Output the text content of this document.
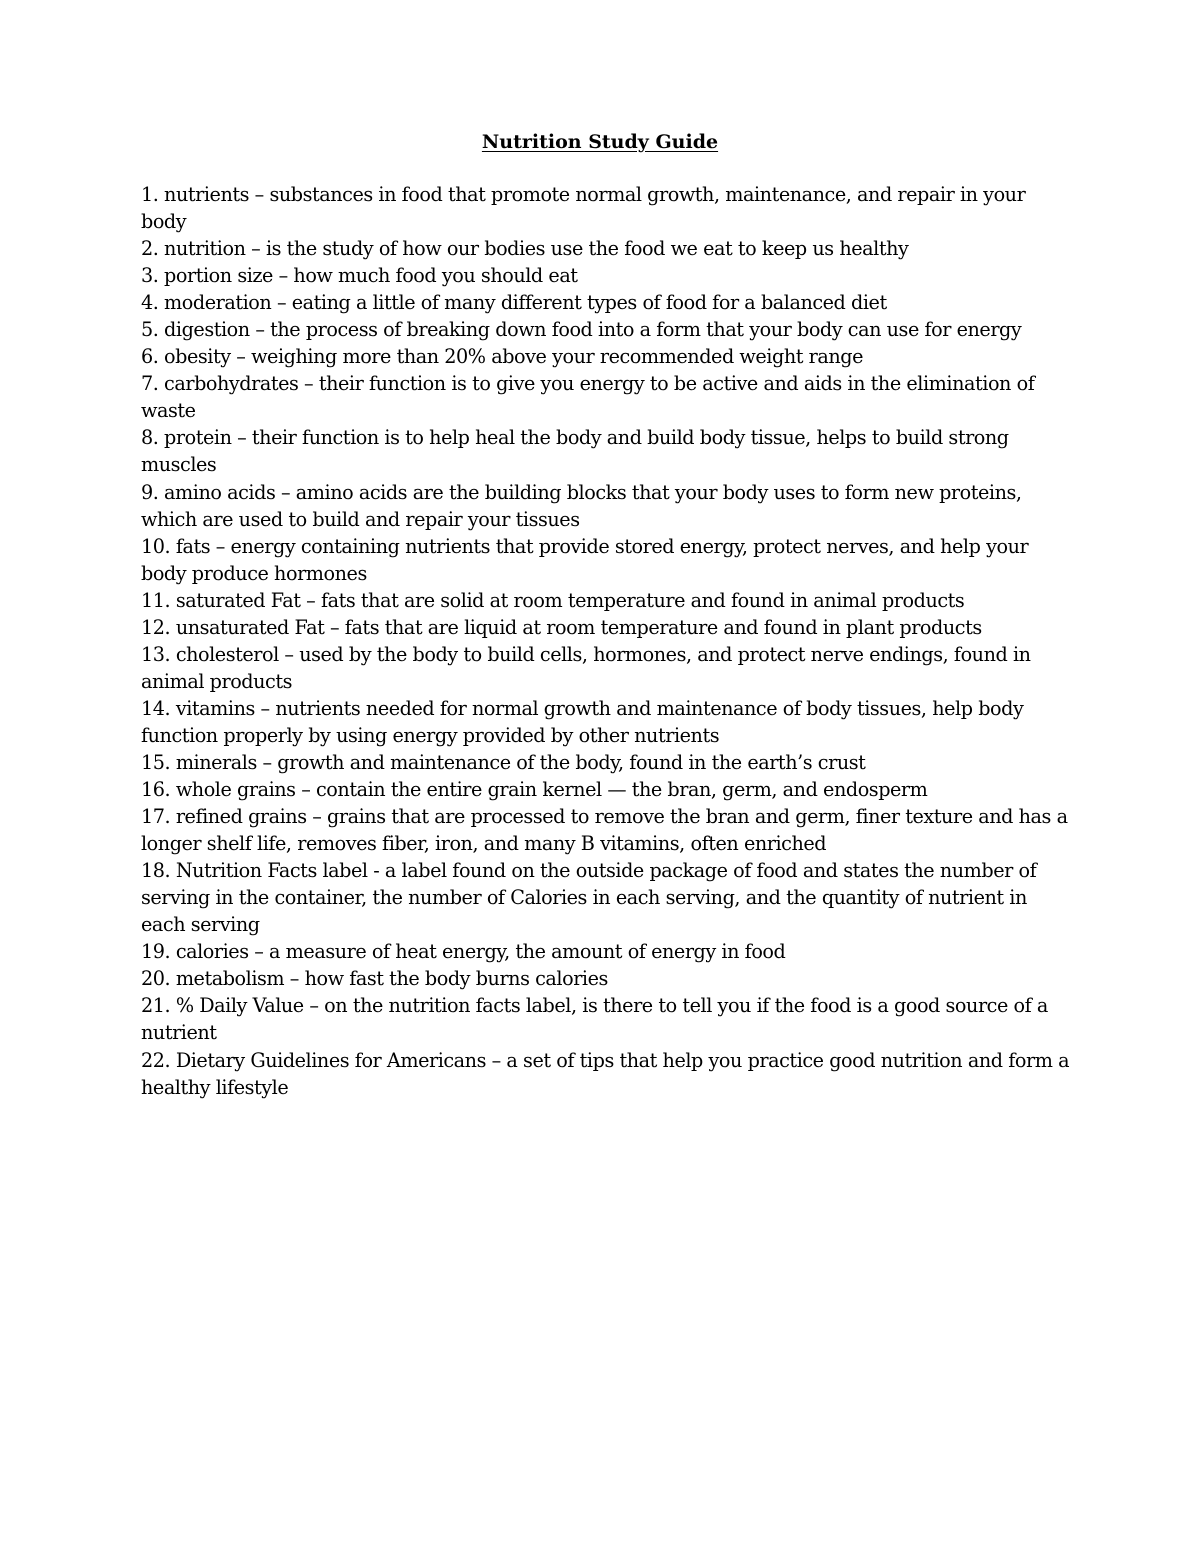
Nutrition Study Guide

1. nutrients – substances in food that promote normal growth, maintenance, and repair in your body

2. nutrition – is the study of how our bodies use the food we eat to keep us healthy

3. portion size – how much food you should eat

4. moderation – eating a little of many different types of food for a balanced diet

5. digestion – the process of breaking down food into a form that your body can use for energy

6. obesity – weighing more than 20% above your recommended weight range

7. carbohydrates – their function is to give you energy to be active and aids in the elimination of waste

8. protein – their function is to help heal the body and build body tissue, helps to build strong muscles

9. amino acids – amino acids are the building blocks that your body uses to form new proteins, which are used to build and repair your tissues

10. fats – energy containing nutrients that provide stored energy, protect nerves, and help your body produce hormones

11. saturated Fat – fats that are solid at room temperature and found in animal products

12. unsaturated Fat – fats that are liquid at room temperature and found in plant products

13. cholesterol – used by the body to build cells, hormones, and protect nerve endings, found in animal products

14. vitamins – nutrients needed for normal growth and maintenance of body tissues, help body function properly by using energy provided by other nutrients

15. minerals – growth and maintenance of the body, found in the earth’s crust

16. whole grains – contain the entire grain kernel — the bran, germ, and endosperm

17. refined grains – grains that are processed to remove the bran and germ, finer texture and has a longer shelf life, removes fiber, iron, and many B vitamins, often enriched

18. Nutrition Facts label - a label found on the outside package of food and states the number of serving in the container, the number of Calories in each serving, and the quantity of nutrient in each serving

19. calories – a measure of heat energy, the amount of energy in food

20. metabolism – how fast the body burns calories

21. % Daily Value – on the nutrition facts label, is there to tell you if the food is a good source of a nutrient

22. Dietary Guidelines for Americans – a set of tips that help you practice good nutrition and form a healthy lifestyle
